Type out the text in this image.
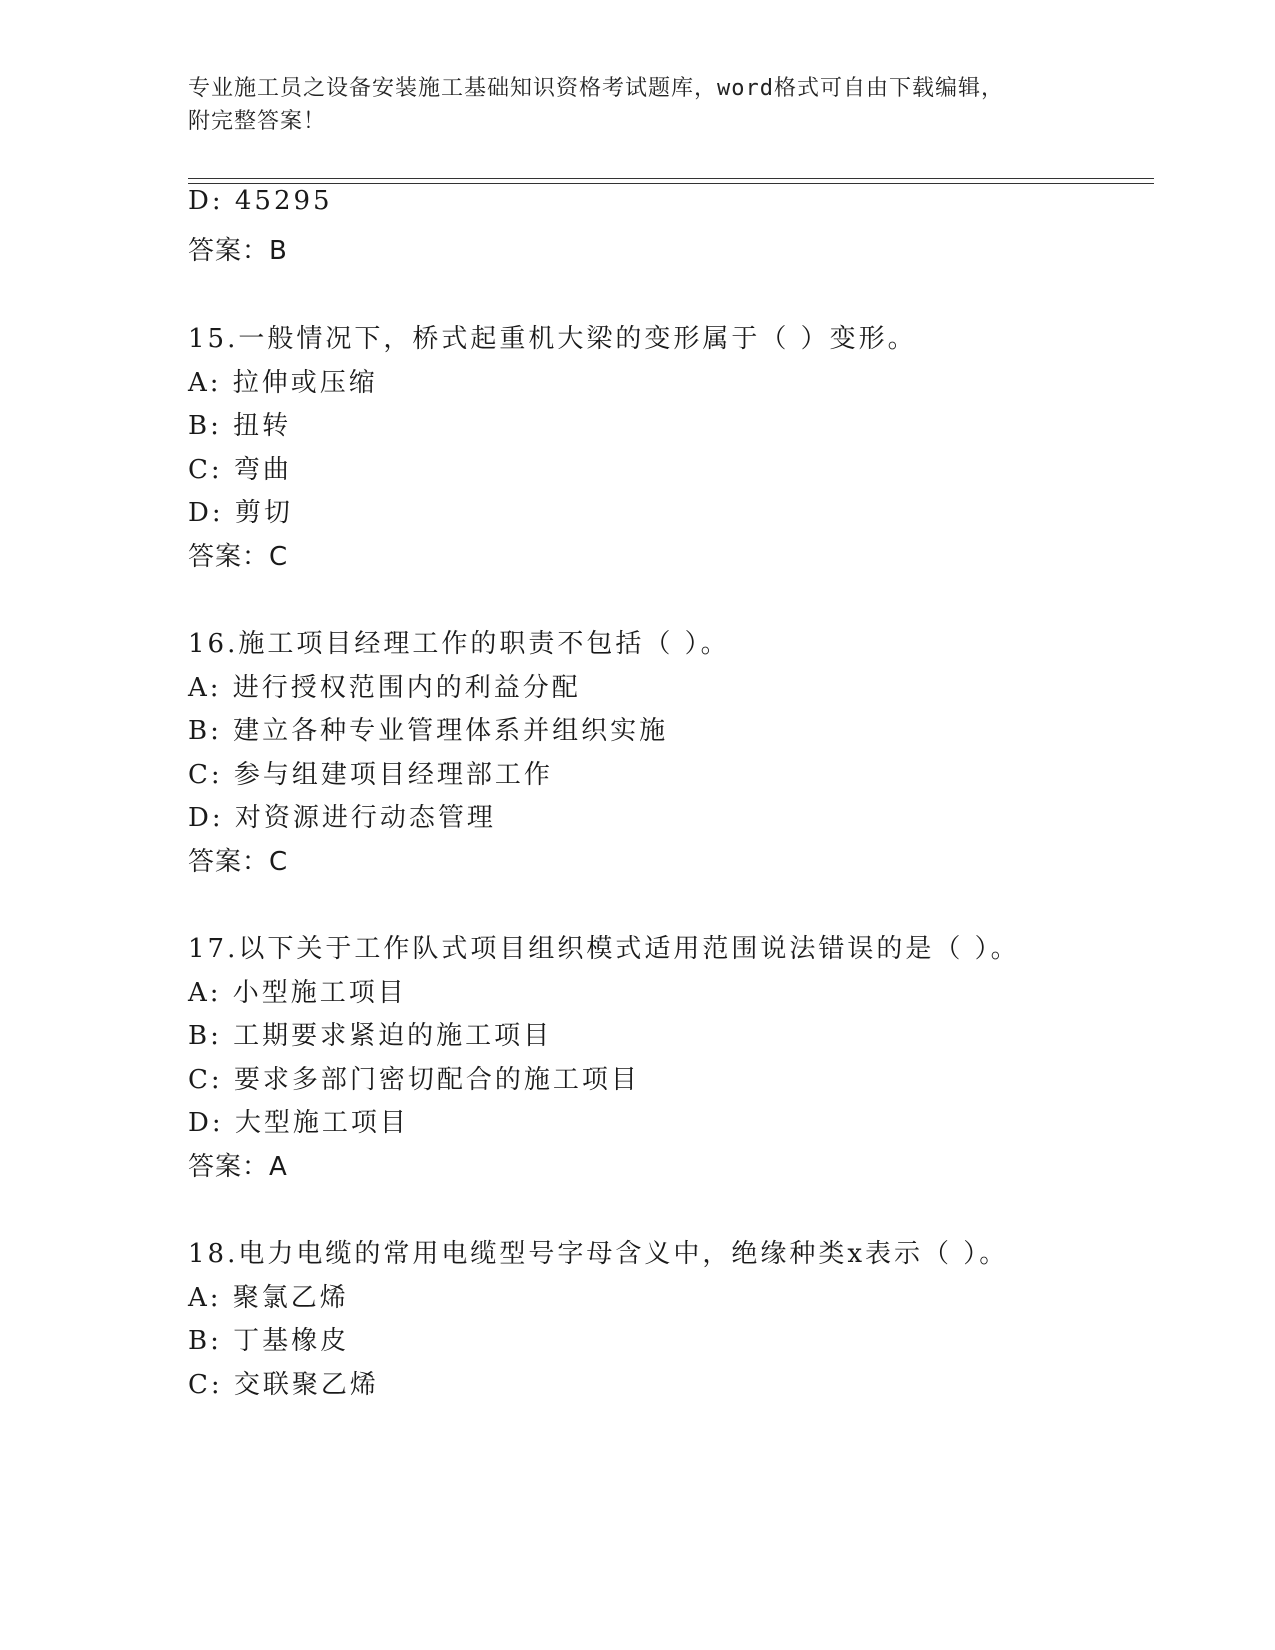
专业施工员之设备安装施工基础知识资格考试题库，word格式可自由下载编辑，
附完整答案！
D: 45295
答案：B
15.一般情况下，桥式起重机大梁的变形属于（ ）变形。
A: 拉伸或压缩
B: 扭转
C: 弯曲
D: 剪切
答案：C
16.施工项目经理工作的职责不包括（ ）。
A: 进行授权范围内的利益分配
B: 建立各种专业管理体系并组织实施
C: 参与组建项目经理部工作
D: 对资源进行动态管理
答案：C
17.以下关于工作队式项目组织模式适用范围说法错误的是（ ）。
A: 小型施工项目
B: 工期要求紧迫的施工项目
C: 要求多部门密切配合的施工项目
D: 大型施工项目
答案：A
18.电力电缆的常用电缆型号字母含义中，绝缘种类x表示（ ）。
A: 聚氯乙烯
B: 丁基橡皮
C: 交联聚乙烯
